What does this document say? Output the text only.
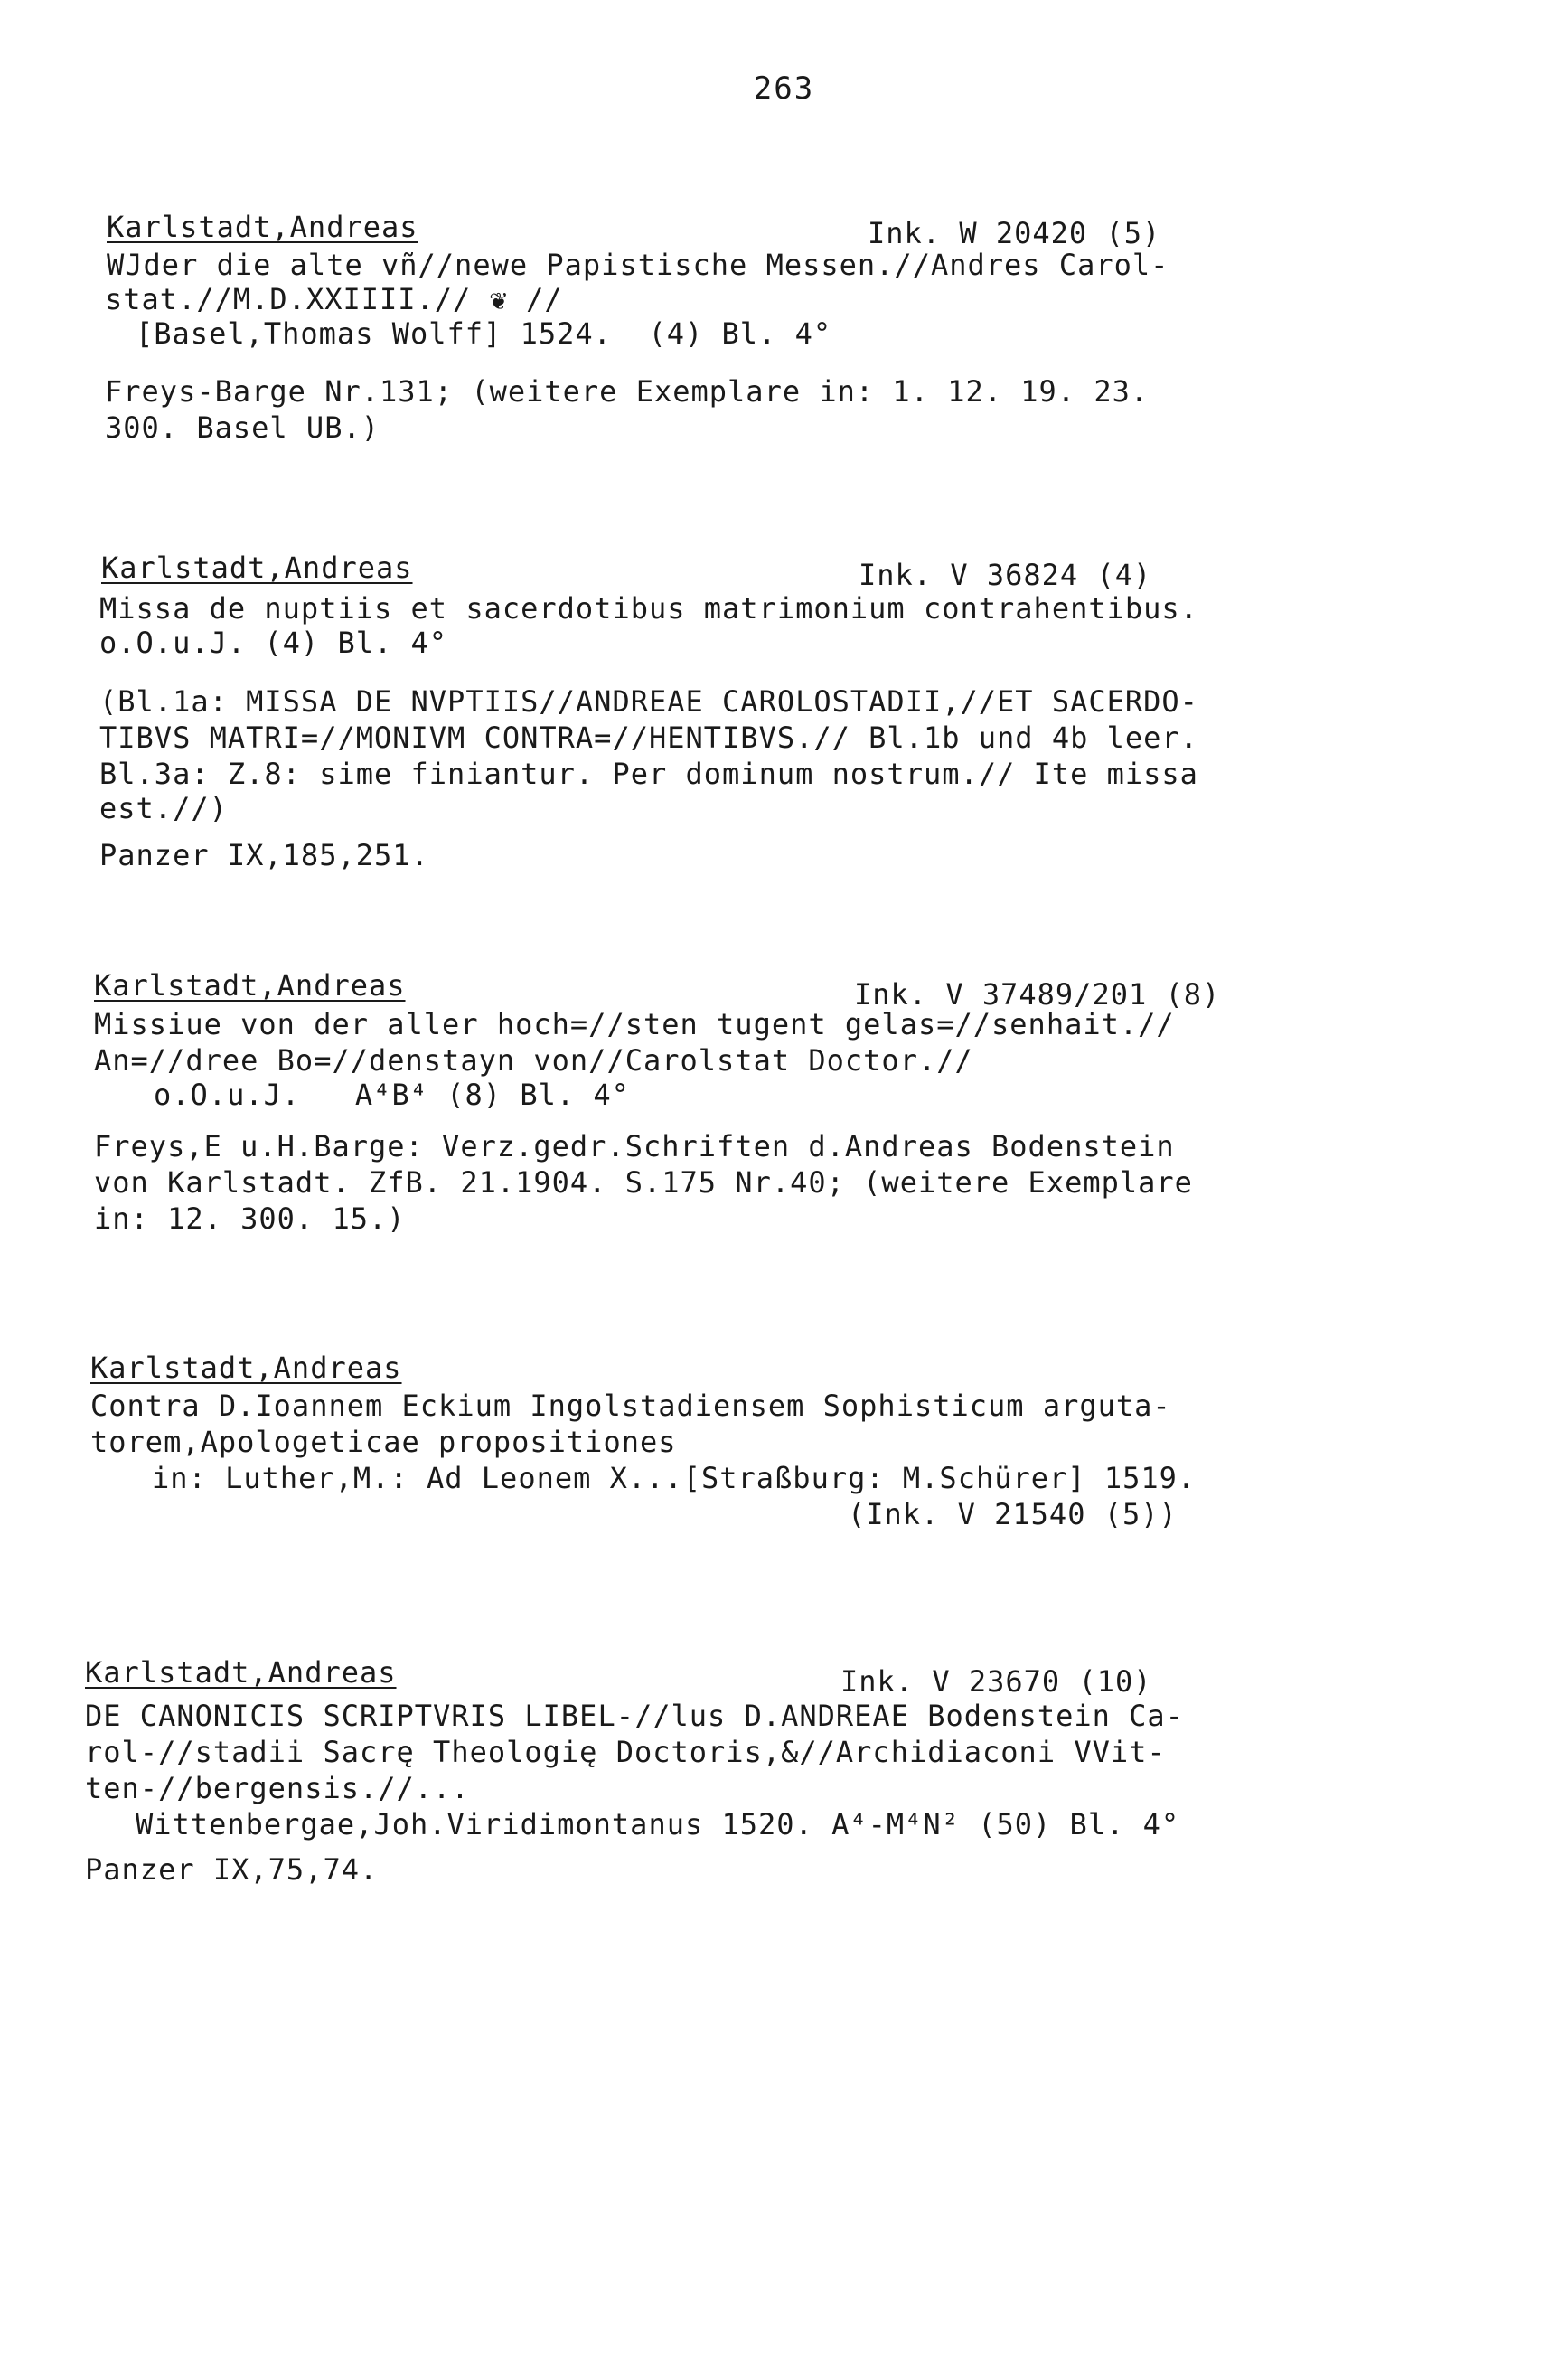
263
Karlstadt,Andreas	Ink. W 20420 (5)
WJder die alte vñ//newe Papistische Messen.//Andres Carol-
stat.//M.D.XXIIII.// ❦ //
[Basel,Thomas Wolff] 1524.  (4) Bl. 4°
Freys-Barge Nr.131; (weitere Exemplare in: 1. 12. 19. 23.
300. Basel UB.)
Karlstadt,Andreas	Ink. V 36824 (4)
Missa de nuptiis et sacerdotibus matrimonium contrahentibus.
o.O.u.J. (4) Bl. 4°
(Bl.1a: MISSA DE NVPTIIS//ANDREAE CAROLOSTADII,//ET SACERDO-
TIBVS MATRI=//MONIVM CONTRA=//HENTIBVS.// Bl.1b und 4b leer.
Bl.3a: Z.8: sime finiantur. Per dominum nostrum.// Ite missa
est.//)
Panzer IX,185,251.
Karlstadt,Andreas	Ink. V 37489/201 (8)
Missiue von der aller hoch=//sten tugent gelas=//senhait.//
An=//dree Bo=//denstayn von//Carolstat Doctor.//
o.O.u.J.   A⁴B⁴ (8) Bl. 4°
Freys,E u.H.Barge: Verz.gedr.Schriften d.Andreas Bodenstein
von Karlstadt. ZfB. 21.1904. S.175 Nr.40; (weitere Exemplare
in: 12. 300. 15.)
Karlstadt,Andreas
Contra D.Ioannem Eckium Ingolstadiensem Sophisticum arguta-
torem,Apologeticae propositiones
in: Luther,M.: Ad Leonem X...[Straßburg: M.Schürer] 1519.
(Ink. V 21540 (5))
Karlstadt,Andreas	Ink. V 23670 (10)
DE CANONICIS SCRIPTVRIS LIBEL-//lus D.ANDREAE Bodenstein Ca-
rol-//stadii Sacrę Theologię Doctoris,&//Archidiaconi VVit-
ten-//bergensis.//...
Wittenbergae,Joh.Viridimontanus 1520. A⁴-M⁴N² (50) Bl. 4°
Panzer IX,75,74.
